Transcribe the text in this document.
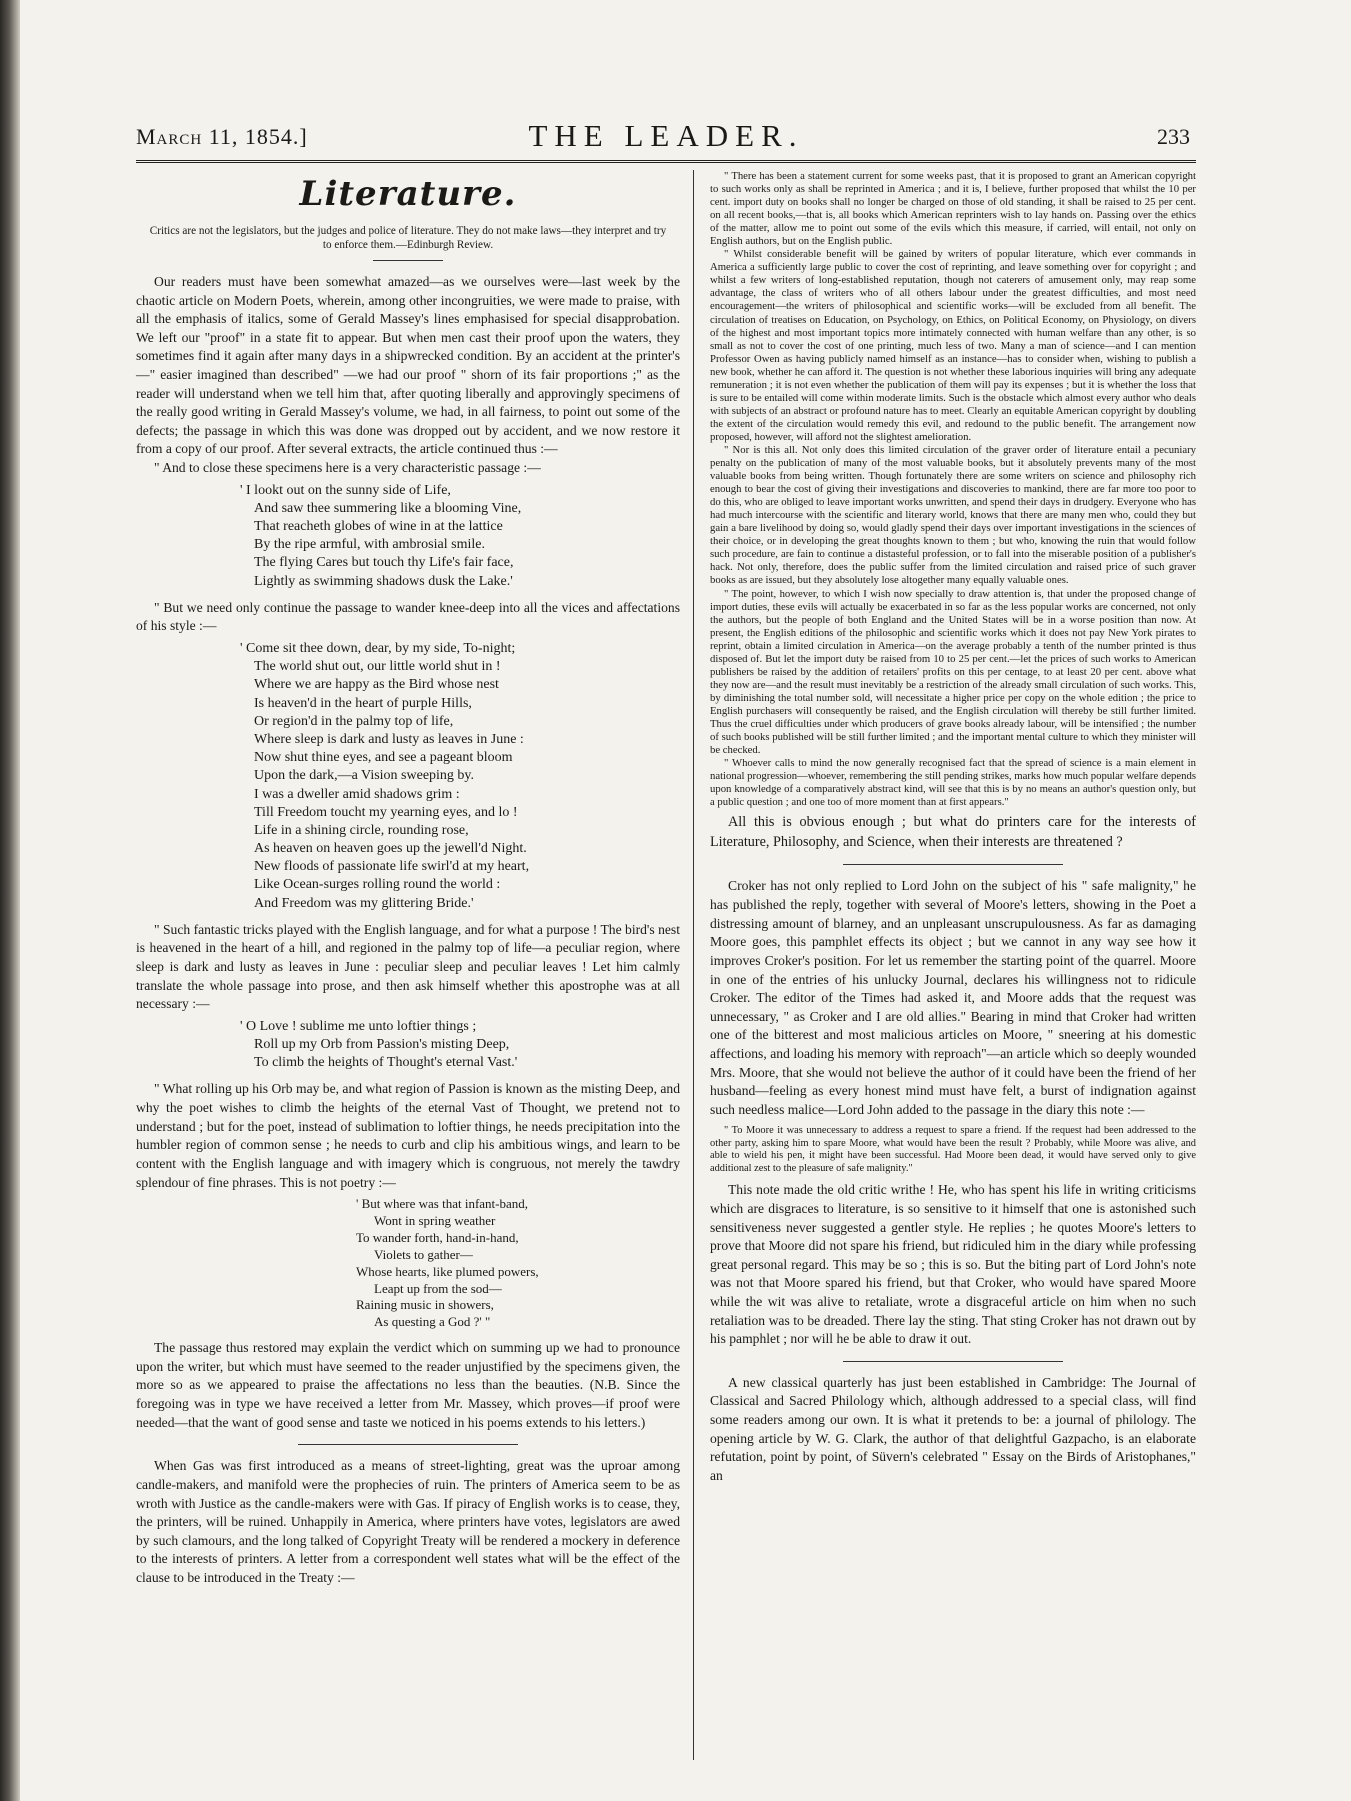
March 11, 1854.]	THE LEADER.	233
Literature.
Critics are not the legislators, but the judges and police of literature. They do not make laws—they interpret and try to enforce them.—Edinburgh Review.

Our readers must have been somewhat amazed—as we ourselves were—last week by the chaotic article on Modern Poets, wherein, among other incongruities, we were made to praise, with all the emphasis of italics, some of Gerald Massey's lines emphasised for special disapprobation. We left our "proof" in a state fit to appear. But when men cast their proof upon the waters, they sometimes find it again after many days in a shipwrecked condition. By an accident at the printer's—" easier imagined than described" —we had our proof " shorn of its fair proportions ;" as the reader will understand when we tell him that, after quoting liberally and approvingly specimens of the really good writing in Gerald Massey's volume, we had, in all fairness, to point out some of the defects; the passage in which this was done was dropped out by accident, and we now restore it from a copy of our proof. After several extracts, the article continued thus :—

" And to close these specimens here is a very characteristic passage :—

' I lookt out on the sunny side of Life,
And saw thee summering like a blooming Vine,
That reacheth globes of wine in at the lattice
By the ripe armful, with ambrosial smile.
The flying Cares but touch thy Life's fair face,
Lightly as swimming shadows dusk the Lake.'

" But we need only continue the passage to wander knee-deep into all the vices and affectations of his style :—

' Come sit thee down, dear, by my side, To-night;
The world shut out, our little world shut in !
Where we are happy as the Bird whose nest
Is heaven'd in the heart of purple Hills,
Or region'd in the palmy top of life,
Where sleep is dark and lusty as leaves in June :
Now shut thine eyes, and see a pageant bloom
Upon the dark,—a Vision sweeping by.
I was a dweller amid shadows grim :
Till Freedom toucht my yearning eyes, and lo !
Life in a shining circle, rounding rose,
As heaven on heaven goes up the jewell'd Night.
New floods of passionate life swirl'd at my heart,
Like Ocean-surges rolling round the world :
And Freedom was my glittering Bride.'

" Such fantastic tricks played with the English language, and for what a purpose ! The bird's nest is heavened in the heart of a hill, and regioned in the palmy top of life—a peculiar region, where sleep is dark and lusty as leaves in June : peculiar sleep and peculiar leaves ! Let him calmly translate the whole passage into prose, and then ask himself whether this apostrophe was at all necessary :—

' O Love ! sublime me unto loftier things ;
Roll up my Orb from Passion's misting Deep,
To climb the heights of Thought's eternal Vast.'

" What rolling up his Orb may be, and what region of Passion is known as the misting Deep, and why the poet wishes to climb the heights of the eternal Vast of Thought, we pretend not to understand ; but for the poet, instead of sublimation to loftier things, he needs precipitation into the humbler region of common sense ; he needs to curb and clip his ambitious wings, and learn to be content with the English language and with imagery which is congruous, not merely the tawdry splendour of fine phrases. This is not poetry :—

' But where was that infant-band,
Wont in spring weather
To wander forth, hand-in-hand,
Violets to gather—
Whose hearts, like plumed powers,
Leapt up from the sod—
Raining music in showers,
As questing a God ?' "

The passage thus restored may explain the verdict which on summing up we had to pronounce upon the writer, but which must have seemed to the reader unjustified by the specimens given, the more so as we appeared to praise the affectations no less than the beauties. (N.B. Since the foregoing was in type we have received a letter from Mr. Massey, which proves—if proof were needed—that the want of good sense and taste we noticed in his poems extends to his letters.)

When Gas was first introduced as a means of street-lighting, great was the uproar among candle-makers, and manifold were the prophecies of ruin. The printers of America seem to be as wroth with Justice as the candle-makers were with Gas. If piracy of English works is to cease, they, the printers, will be ruined. Unhappily in America, where printers have votes, legislators are awed by such clamours, and the long talked of Copyright Treaty will be rendered a mockery in deference to the interests of printers. A letter from a correspondent well states what will be the effect of the clause to be introduced in the Treaty :—

" There has been a statement current for some weeks past, that it is proposed to grant an American copyright to such works only as shall be reprinted in America ; and it is, I believe, further proposed that whilst the 10 per cent. import duty on books shall no longer be charged on those of old standing, it shall be raised to 25 per cent. on all recent books,—that is, all books which American reprinters wish to lay hands on. Passing over the ethics of the matter, allow me to point out some of the evils which this measure, if carried, will entail, not only on English authors, but on the English public.

" Whilst considerable benefit will be gained by writers of popular literature, which ever commands in America a sufficiently large public to cover the cost of reprinting, and leave something over for copyright ; and whilst a few writers of long-established reputation, though not caterers of amusement only, may reap some advantage, the class of writers who of all others labour under the greatest difficulties, and most need encouragement—the writers of philosophical and scientific works—will be excluded from all benefit. The circulation of treatises on Education, on Psychology, on Ethics, on Political Economy, on Physiology, on divers of the highest and most important topics more intimately connected with human welfare than any other, is so small as not to cover the cost of one printing, much less of two. Many a man of science—and I can mention Professor Owen as having publicly named himself as an instance—has to consider when, wishing to publish a new book, whether he can afford it. The question is not whether these laborious inquiries will bring any adequate remuneration ; it is not even whether the publication of them will pay its expenses ; but it is whether the loss that is sure to be entailed will come within moderate limits. Such is the obstacle which almost every author who deals with subjects of an abstract or profound nature has to meet. Clearly an equitable American copyright by doubling the extent of the circulation would remedy this evil, and redound to the public benefit. The arrangement now proposed, however, will afford not the slightest amelioration.

" Nor is this all. Not only does this limited circulation of the graver order of literature entail a pecuniary penalty on the publication of many of the most valuable books, but it absolutely prevents many of the most valuable books from being written. Though fortunately there are some writers on science and philosophy rich enough to bear the cost of giving their investigations and discoveries to mankind, there are far more too poor to do this, who are obliged to leave important works unwritten, and spend their days in drudgery. Everyone who has had much intercourse with the scientific and literary world, knows that there are many men who, could they but gain a bare livelihood by doing so, would gladly spend their days over important investigations in the sciences of their choice, or in developing the great thoughts known to them ; but who, knowing the ruin that would follow such procedure, are fain to continue a distasteful profession, or to fall into the miserable position of a publisher's hack. Not only, therefore, does the public suffer from the limited circulation and raised price of such graver books as are issued, but they absolutely lose altogether many equally valuable ones.

" The point, however, to which I wish now specially to draw attention is, that under the proposed change of import duties, these evils will actually be exacerbated in so far as the less popular works are concerned, not only the authors, but the people of both England and the United States will be in a worse position than now. At present, the English editions of the philosophic and scientific works which it does not pay New York pirates to reprint, obtain a limited circulation in America—on the average probably a tenth of the number printed is thus disposed of. But let the import duty be raised from 10 to 25 per cent.—let the prices of such works to American publishers be raised by the addition of retailers' profits on this per centage, to at least 20 per cent. above what they now are—and the result must inevitably be a restriction of the already small circulation of such works. This, by diminishing the total number sold, will necessitate a higher price per copy on the whole edition ; the price to English purchasers will consequently be raised, and the English circulation will thereby be still further limited. Thus the cruel difficulties under which producers of grave books already labour, will be intensified ; the number of such books published will be still further limited ; and the important mental culture to which they minister will be checked.

" Whoever calls to mind the now generally recognised fact that the spread of science is a main element in national progression—whoever, remembering the still pending strikes, marks how much popular welfare depends upon knowledge of a comparatively abstract kind, will see that this is by no means an author's question only, but a public question ; and one too of more moment than at first appears."

All this is obvious enough ; but what do printers care for the interests of Literature, Philosophy, and Science, when their interests are threatened ?

Croker has not only replied to Lord John on the subject of his " safe malignity," he has published the reply, together with several of Moore's letters, showing in the Poet a distressing amount of blarney, and an unpleasant unscrupulousness. As far as damaging Moore goes, this pamphlet effects its object ; but we cannot in any way see how it improves Croker's position. For let us remember the starting point of the quarrel. Moore in one of the entries of his unlucky Journal, declares his willingness not to ridicule Croker. The editor of the Times had asked it, and Moore adds that the request was unnecessary, " as Croker and I are old allies." Bearing in mind that Croker had written one of the bitterest and most malicious articles on Moore, " sneering at his domestic affections, and loading his memory with reproach"—an article which so deeply wounded Mrs. Moore, that she would not believe the author of it could have been the friend of her husband—feeling as every honest mind must have felt, a burst of indignation against such needless malice—Lord John added to the passage in the diary this note :—

" To Moore it was unnecessary to address a request to spare a friend. If the request had been addressed to the other party, asking him to spare Moore, what would have been the result ? Probably, while Moore was alive, and able to wield his pen, it might have been successful. Had Moore been dead, it would have served only to give additional zest to the pleasure of safe malignity."

This note made the old critic writhe ! He, who has spent his life in writing criticisms which are disgraces to literature, is so sensitive to it himself that one is astonished such sensitiveness never suggested a gentler style. He replies ; he quotes Moore's letters to prove that Moore did not spare his friend, but ridiculed him in the diary while professing great personal regard. This may be so ; this is so. But the biting part of Lord John's note was not that Moore spared his friend, but that Croker, who would have spared Moore while the wit was alive to retaliate, wrote a disgraceful article on him when no such retaliation was to be dreaded. There lay the sting. That sting Croker has not drawn out by his pamphlet ; nor will he be able to draw it out.

A new classical quarterly has just been established in Cambridge: The Journal of Classical and Sacred Philology which, although addressed to a special class, will find some readers among our own. It is what it pretends to be: a journal of philology. The opening article by W. G. Clark, the author of that delightful Gazpacho, is an elaborate refutation, point by point, of Süvern's celebrated " Essay on the Birds of Aristophanes," an
